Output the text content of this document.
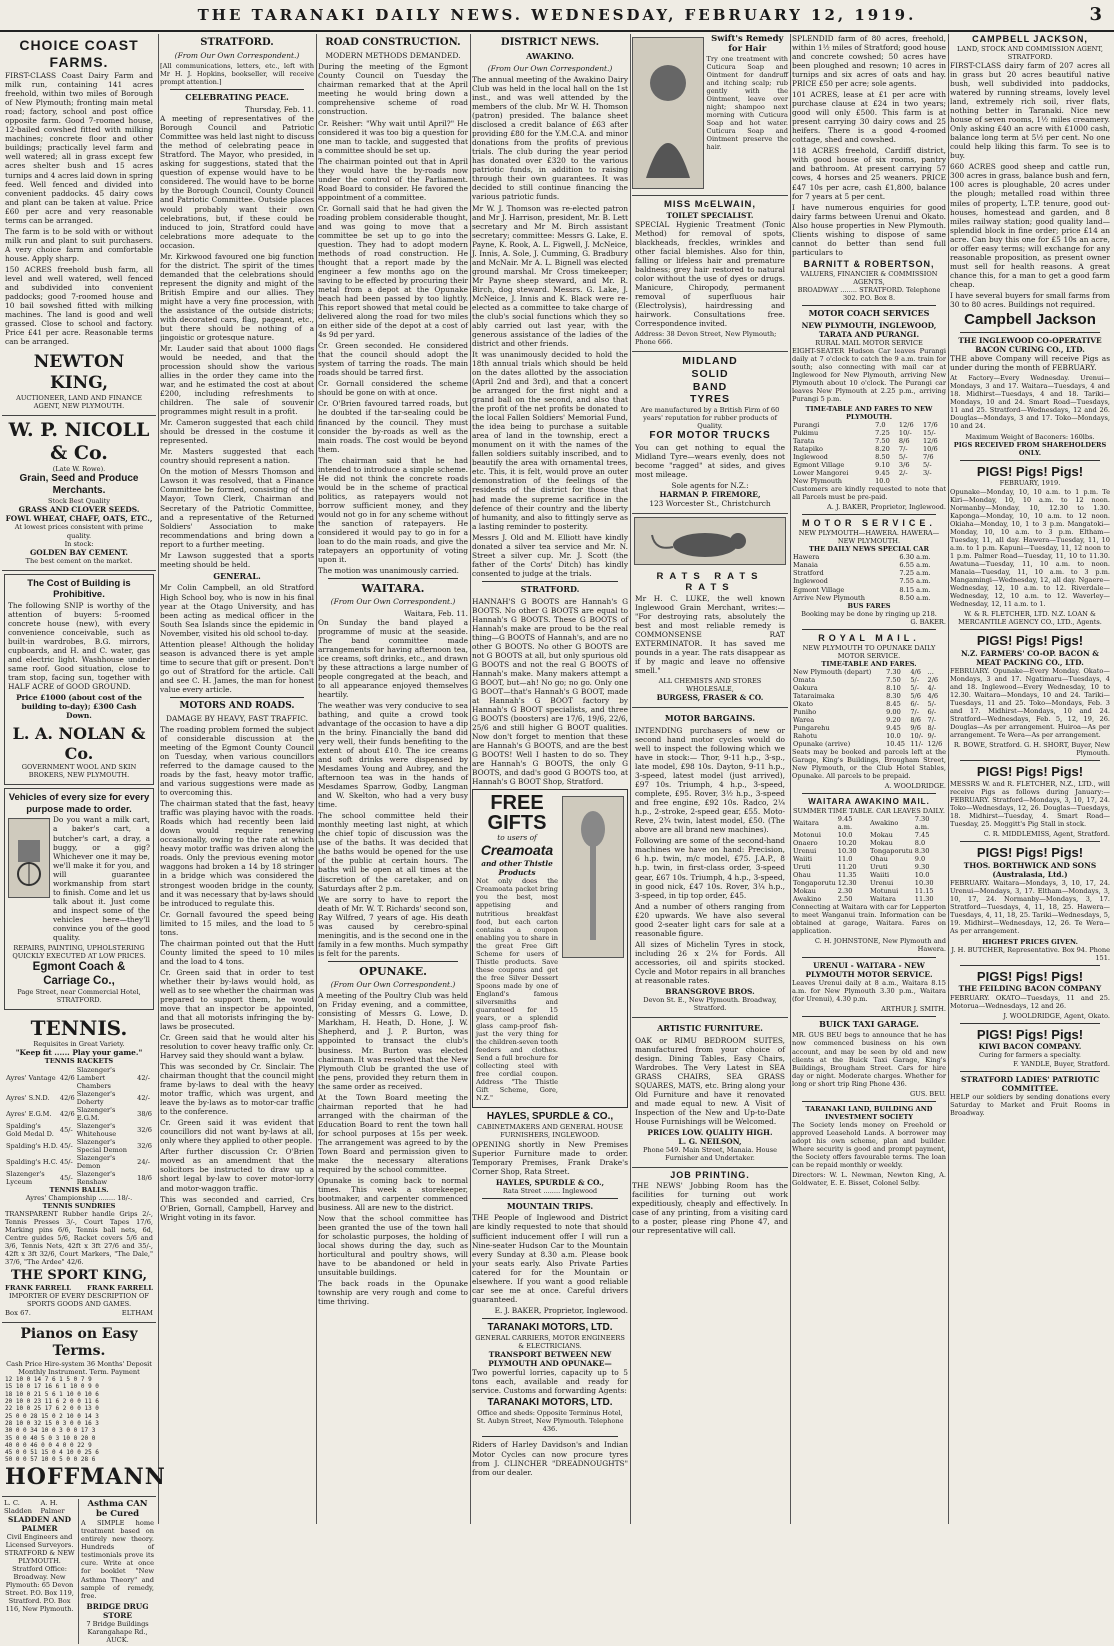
THE TARANAKI DAILY NEWS. WEDNESDAY, FEBRUARY 12, 1919.	3
CHOICE COAST FARMS.

FIRST-CLASS Coast Dairy Farm and milk run, containing 141 acres freehold, within two miles of Borough of New Plymouth; fronting main metal road; factory, school and post office opposite farm. Good 7-roomed house, 12-bailed cowshed fitted with milking machines; concrete floor and other buildings; practically level farm and well watered; all in grass except few acres shelter bush and 15 acres turnips and 4 acres laid down in spring feed. Well fenced and divided into convenient paddocks. 45 dairy cows and plant can be taken at value. Price £60 per acre and very reasonable terms can be arranged.

The farm is to be sold with or without milk run and plant to suit purchasers. A very choice farm and comfortable house. Apply sharp.

150 ACRES freehold bush farm, all level and well watered, well fenced and subdivided into convenient paddocks; good 7-roomed house and 10 bail sowshed fitted with milking machines. The land is good and well grassed. Close to school and factory. Price £41 per acre. Reasonable terms can be arranged.

NEWTON KING,
AUCTIONEER, LAND AND FINANCE AGENT, NEW PLYMOUTH.
W. P. NICOLL & Co.
(Late W. Rowe).
Grain, Seed and Produce Merchants.
Stock Best Quality
GRASS AND CLOVER SEEDS.
FOWL WHEAT, CHAFF, OATS, ETC.,
At lowest prices consistent with prime quality.
In stock:
GOLDEN BAY CEMENT.
The best cement on the market.
The Cost of Building is Prohibitive.

The following SNIP is worthy of the attention of buyers: 5-roomed concrete house (new), with every convenience conceivable, such as built-in wardrobes, B.G. mirrors, cupboards, and H. and C. water, gas and electric light. Washhouse under same roof. Good situation, close to tram stop, facing sun, together with HALF ACRE of GOOD GROUND.

Price £1000 (about cost of the building to-day); £300 Cash Down.
L. A. NOLAN & Co.
GOVERNMENT WOOL AND SKIN BROKERS, NEW PLYMOUTH.
Vehicles of every size for every purpose made to order.

Do you want a milk cart, a baker's cart, a butcher's cart, a dray, a buggy, or a gig? Whichever one it may be, we'll make it for you, and will guarantee workmanship from start to finish. Come and let us talk about it. Just come and inspect some of the vehicles here—they'll convince you of the good quality.

REPAIRS, PAINTING, UPHOLSTERING QUICKLY EXECUTED AT LOW PRICES.
Egmont Coach & Carriage Co.,
Page Street, near Commercial Hotel, STRATFORD.
TENNIS.
Requisites in Great Variety.
"Keep fit ...... Play your game."
TENNIS RACKETS
Ayres' Vantage	42/6	Slazenger's Lambert Chambers	42/-
Ayres' S.N.D.	42/6	Slazenger's Doherty	42/-
Ayres' E.G.M.	42/6	Slazenger's E.G.M.	38/6
Spalding's Gold Medal D.	45/-	Slazenger's Whitehouse	32/6
Spalding's H.D.	45/-	Slazenger's Special Demon	32/6
Spalding's H.C.	45/-	Slazenger's Demon	24/-
Slazenger's Lyceum	45/-	Slazenger's Renshaw	18/6
TENNIS BALLS.
Ayres' Championship ........ 18/-.
TENNIS SUNDRIES

TRANSPARENT Rubber handle Grips 2/-, Tennis Presses 3/-, Court Tapes 17/6, Marking pins 6/6, Tennis ball nets, 6d, Centre guides 5/6, Racket covers 5/6 and 3/6, Tennis Nets, 42ft x 3ft 27/6 and 35/-, 42ft x 3ft 32/6, Court Markers, "The Dale," 37/6, "The Ardee" 42/6.

THE SPORT KING,
FRANK FARRELL FRANK FARRELL
IMPORTER OF EVERY DESCRIPTION OF SPORTS GOODS AND GAMES.
Box 67.	ELTHAM
Pianos on Easy Terms.
Cash Price Hire-system 36 Months' Deposit Monthly Instrument. Term. Payment
12 10 0 14 7 6 1 5 0 7 9
15 10 0 17 16 6 1 10 0 9 0
18 10 0 21 5 6 1 10 0 10 6
20 10 0 23 11 6 2 0 0 11 6
22 10 0 25 17 6 2 0 0 13 0
25 0 0 28 15 0 2 10 0 14 3
28 10 0 32 15 0 3 0 0 16 3
30 0 0 34 10 0 3 0 0 17 3
35 0 0 40 5 0 3 10 0 20 0
40 0 0 46 0 0 4 0 0 22 9
45 0 0 51 15 0 4 10 0 25 6
50 0 0 57 10 0 5 0 0 28 6
HOFFMANN
L. C. Sladden
A. H. Palmer
SLADDEN AND PALMER
Civil Engineers and Licensed Surveyors.
STRATFORD & NEW PLYMOUTH. Stratford Office: Broadway. New Plymouth: 65 Devon Street. P.O. Box 119, Stratford. P.O. Box 116, New Plymouth.
Asthma CAN be Cured

A SIMPLE home treatment based on entirely new theory. Hundreds of testimonials prove its cure. Write at once for booklet "New Asthma Theory" and sample of remedy, free.

BRIDGE DRUG STORE
7 Bridge Buildings Karangahape Rd., AUCK.
STRATFORD.
(From Our Own Correspondent.)

[All communications, letters, etc., left with Mr H. J. Hopkins, bookseller, will receive prompt attention.]

CELEBRATING PEACE.
Thursday, Feb. 11.

A meeting of representatives of the Borough Council and Patriotic Committee was held last night to discuss the method of celebrating peace in Stratford. The Mayor, who presided, in asking for suggestions, stated that the question of expense would have to be considered. The would have to be borne by the Borough Council, County Council and Patriotic Committee. Outside places would probably want their own celebrations, but, if these could be induced to join, Stratford could have celebrations more adequate to the occasion.

Mr. Kirkwood favoured one big function for the district. The spirit of the times demanded that the celebrations should represent the dignity and might of the British Empire and our allies. They might have a very fine procession, with the assistance of the outside districts; with decorated cars, flag, pageant, etc., but there should be nothing of a jingoistic or grotesque nature.

Mr. Lauder said that about 1000 flags would be needed, and that the procession should show the various allies in the order they came into the war, and he estimated the cost at about £200, including refreshments to children. The sale of souvenir programmes might result in a profit.

Mr. Cameron suggested that each child should be dressed in the costume it represented.

Mr. Masters suggested that each country should represent a nation.

On the motion of Messrs Thomson and Lawson it was resolved, that a Finance Committee be formed, consisting of the Mayor, Town Clerk, Chairman and Secretary of the Patriotic Committee, and a representative of the Returned Soldiers' Association to make recommendations and bring down a report to a further meeting.

Mr Lawson suggested that a sports meeting should be held.

GENERAL.

Mr Colin Campbell, an old Stratford High School boy, who is now in his final year at the Otago University, and has been acting as medical officer in the South Sea Islands since the epidemic in November, visited his old school to-day.

Attention please! Although the holiday season is advanced there is yet ample time to secure that gift or present. Don't go out of Stratford for the article. Call and see C. H. James, the man for honest value every article.

MOTORS AND ROADS.
DAMAGE BY HEAVY, FAST TRAFFIC.

The roading problem formed the subject of considerable discussion at the meeting of the Egmont County Council on Tuesday, when various councillors referred to the damage caused to the roads by the fast, heavy motor traffic, and various suggestions were made as to overcoming this.

The chairman stated that the fast, heavy traffic was playing havoc with the roads. Roads which had recently been laid down would require renewing occasionally, owing to the rate at which heavy motor traffic was driven along the roads. Only the previous evening motor waggons had broken a 14 by 18 stringer in a bridge which was considered the strongest wooden bridge in the county, and it was necessary that by-laws should be introduced to regulate this.

Cr. Gornall favoured the speed being limited to 15 miles, and the load to 5 tons.

The chairman pointed out that the Hutt County limited the speed to 10 miles and the load to 4 tons.

Cr. Green said that in order to test whether their by-laws would hold, as well as to see whether the chairman was prepared to support them, he would move that an inspector be appointed, and that all motorists infringing the by-laws be prosecuted.

Cr. Green said that he would alter his resolution to cover heavy traffic only. Cr. Harvey said they should want a bylaw.

This was seconded by Cr. Sinclair. The chairman thought that the council might frame by-laws to deal with the heavy motor traffic, which was urgent, and leave the by-laws as to motor-car traffic to the conference.

Cr. Green said it was evident that councillors did not want by-laws at all, only where they applied to other people.

After further discussion Cr. O'Brien moved as an amendment that the solicitors be instructed to draw up a short legal by-law to cover motor-lorry and motor-waggon traffic.

This was seconded and carried, Crs O'Brien, Gornall, Campbell, Harvey and Wright voting in its favor.

ROAD CONSTRUCTION.
MODERN METHODS DEMANDED.

During the meeting of the Egmont County Council on Tuesday the chairman remarked that at the April meeting he would bring down a comprehensive scheme of road construction.

Cr. Reisher: "Why wait until April?" He considered it was too big a question for one man to tackle, and suggested that a committee should be set up.

The chairman pointed out that in April they would have the by-roads now under the control of the Parliament. Road Board to consider. He favored the appointment of a committee.

Cr. Gornall said that he had given the roading problem considerable thought, and was going to move that a committee be set up to go into the question. They had to adopt modern methods of road construction. He thought that a report made by the engineer a few months ago on the saving to be effected by procuring their metal from a depot at the Opunake beach had been passed by too lightly. This report showed that metal could be delivered along the road for two miles on either side of the depot at a cost of 4s 9d per yard.

Cr. Green seconded. He considered that the council should adopt the system of tarring the roads. The main roads should be tarred first.

Cr. Gornall considered the scheme should be gone on with at once.

Cr. O'Brien favoured tarred roads, but he doubted if the tar-sealing could be financed by the council. They must consider the by-roads as well as the main roads. The cost would be beyond them.

The chairman said that he had intended to introduce a simple scheme. He did not think the concrete roads would be in the scheme of practical politics, as ratepayers would not borrow sufficient money, and they would not go in for any scheme without the sanction of ratepayers. He considered it would pay to go in for a loan to do the main roads, and give the ratepayers an opportunity of voting upon it.

The motion was unanimously carried.

WAITARA.
(From Our Own Correspondent.)
Waitara, Feb. 11.

On Sunday the band played a programme of music at the seaside. The band committee made arrangements for having afternoon tea, ice creams, soft drinks, etc., and drawn by these attractions a large number of people congregated at the beach, and to all appearance enjoyed themselves heartily.

The weather was very conducive to sea bathing, and quite a crowd took advantage of the occasion to have a dip in the briny. Financially the band did very well, their funds benefiting to the extent of about £10. The ice creams and soft drinks were dispensed by Mesdames Young and Aubrey, and the afternoon tea was in the hands of Mesdames Sparrow, Godby, Langman and W. Skelton, who had a very busy time.

The school committee held their monthly meeting last night, at which the chief topic of discussion was the use of the baths. It was decided that the baths would be opened for the use of the public at certain hours. The baths will be open at all times at the discretion of the caretaker, and on Saturdays after 2 p.m.

We are sorry to have to report the death of Mr. W. T. Richards' second son, Ray Wilfred, 7 years of age. His death was caused by cerebro-spinal meningitis, and is the second one in the family in a few months. Much sympathy is felt for the parents.

OPUNAKE.
(From Our Own Correspondent.)

A meeting of the Poultry Club was held on Friday evening, and a committee, consisting of Messrs G. Lowe, D. Markham, H. Heath, D. Hone, J. W. Shepherd, and J. P. Burton, was appointed to transact the club's business. Mr. Burton was elected chairman. It was resolved that the New Plymouth Club be granted the use of the pens, provided they return them in the same order as received.

At the Town Board meeting the chairman reported that he had arranged with the chairman of the Education Board to rent the town hall for school purposes at 15s per week. The arrangement was agreed to by the Town Board and permission given to make the necessary alterations required by the school committee.

Opunake is coming back to normal times. This week a storekeeper, bootmaker, and carpenter commenced business. All are new to the district.

Now that the school committee has been granted the use of the town hall for scholastic purposes, the holding of local shows during the day, such as horticultural and poultry shows, will have to be abandoned or held in unsuitable buildings.

The back roads in the Opunake township are very rough and come to time thriving.

DISTRICT NEWS.
AWAKINO.
(From Our Own Correspondent.)

The annual meeting of the Awakino Dairy Club was held in the local hall on the 1st inst., and was well attended by the members of the club. Mr W. H. Thomson (patron) presided. The balance sheet disclosed a credit balance of £63 after providing £80 for the Y.M.C.A. and minor donations from the profits of previous trials. The club during the year period has donated over £320 to the various patriotic funds, in addition to raising through their own guarantees. It was decided to still continue financing the various patriotic funds.

Mr W. J. Thomson was re-elected patron and Mr J. Harrison, president, Mr. B. Lett secretary and Mr M. Birch assistant secretary; committee: Messrs G. Lake, E. Payne, K. Rook, A. L. Figwell, J. McNeice, J. Innis, A. Sole, J. Cumming, G. Bradbury and McNair. Mr A. L. Bignell was elected ground marshal. Mr Cross timekeeper; Mr Payne sheep steward, and Mr. R. Birch, dog steward. Messrs. G. Lake, J. McNeice, J. Innis and K. Black were re-elected as a committee to take charge of the club's social functions which they so ably carried out last year, with the generous assistance of the ladies of the district and other friends.

It was unanimously decided to hold the 18th annual trials which should be held on the dates allotted by the association (April 2nd and 3rd), and that a concert be arranged for the first night and a grand ball on the second, and also that the profit of the net profits be donated to the local Fallen Soldiers' Memorial Fund, the idea being to purchase a suitable area of land in the township, erect a monument on it with the names of the fallen soldiers suitably inscribed, and to beautify the area with ornamental trees, etc. This, it is felt, would prove an outer demonstration of the feelings of the residents of the district for those that had made the supreme sacrifice in the defence of their country and the liberty of humanity, and also to fittingly serve as a lasting reminder to posterity.

Messrs J. Old and M. Elliott have kindly donated a silver tea service and Mr. N. Street a silver cup. Mr. J. Scott (the father of the Corts' Ditch) has kindly consented to judge at the trials.

STRATFORD.

HANNAH'S G BOOTS are Hannah's G BOOTS. No other G BOOTS are equal to Hannah's G BOOTS. These G BOOTS of Hannah's make are proud to be the real thing—G BOOTS of Hannah's, and are no other G BOOTS. No other G BOOTS are not G BOOTS at all, but only spurious old G BOOTS and not the real G BOOTS of Hannah's make. Many makers attempt a G BOOT, but—ah! No go; no go. Only one G BOOT—that's Hannah's G BOOT, made at Hannah's G BOOT factory by Hannah's G BOOT specialists, and three G BOOTS (boosters) are 17/6, 19/6, 22/6, 25/6 and still higher G BOOT qualities. Now don't forget to mention that these are Hannah's G BOOTS, and are the best G BOOTS! Well I hasten to do so. They are Hannah's G BOOTS, the only G BOOTS, and dad's good G BOOTS too, at Hannah's G BOOT Shop, Stratford.

FREE GIFTS
to users of
Creamoata
and other Thistle Products

Not only does the Creamoata packet bring you the best, most appetising and nutritious breakfast food, but each carton contains a coupon enabling you to share in the great Free Gift Scheme for users of Thistle products. Save these coupons and get the free Silver Dessert Spoons made by one of England's famous silversmiths and guaranteed for 15 years, or a splendid glass camp-proof fish-just the very thing for the children-seven tooth feeders and clothes. Send a full brochure for collecting steel with free cordial coupon. Address "The Thistle Gift Scheme, Gore, N.Z."

HAYLES, SPURDLE & CO.,
CABINETMAKERS AND GENERAL HOUSE FURNISHERS, INGLEWOOD.

OPENING shortly in New Premises Superior Furniture made to order. Temporary Premises, Frank Drake's Corner Shop, Rata Street.

HAYLES, SPURDLE & CO.,
Rata Street ........ Inglewood
MOUNTAIN TRIPS.

THE People of Inglewood and District are kindly requested to note that should sufficient inducement offer I will run a Nine-seater Hudson Car to the Mountain every Sunday at 8.30 a.m. Please book your seats early. Also Private Parties catered for for the Mountain or elsewhere. If you want a good reliable car see me at once. Careful drivers guaranteed.

E. J. BAKER, Proprietor, Inglewood.
TARANAKI MOTORS, LTD.
GENERAL CARRIERS, MOTOR ENGINEERS & ELECTRICIANS.
TRANSPORT BETWEEN NEW PLYMOUTH AND OPUNAKE—

Two powerful lorries, capacity up to 5 tons each, available and ready for service. Customs and forwarding Agents:

TARANAKI MOTORS, LTD.
Office and sheds: Opposite Terminus Hotel, St. Aubyn Street, New Plymouth. Telephone 436.

Riders of Harley Davidson's and Indian Motor Cycles can now procure tyres from J. CLINCHER "DREADNOUGHTS" from our dealer.

Swift's Remedy for Hair

Try one treatment with Cuticura Soap and Ointment for dandruff and itching scalp; rub gently with the Ointment, leave over night; shampoo next morning with Cuticura Soap and hot water. Cuticura Soap and Ointment preserve the hair.

MISS McELWAIN,
TOILET SPECIALIST.

SPECIAL Hygienic Treatment (Tonic Method) for removal of spots, blackheads, freckles, wrinkles and other facial blemishes. Also for thin, falling or lifeless hair and premature baldness; grey hair restored to natural color without the use of dyes or drugs. Manicure, Chiropody, permanent removal of superfluous hair (Electrolysis), hairdressing and hairwork. Consultations free. Correspondence invited.

Address: 38 Devon Street, New Plymouth; Phone 666.
MIDLAND
SOLID
BAND
TYRES
Are manufactured by a British Firm of 60 years' reputation for rubber products of Quality.
FOR MOTOR TRUCKS

You can get nothing to equal the Midland Tyre—wears evenly, does not become "ragged" at sides, and gives most mileage.

Sole agents for N.Z.:
HARMAN P. FIREMORE,
123 Worcester St., Christchurch
RATS RATS RATS

Mr H. C. LUKE, the well known Inglewood Grain Merchant, writes:— "For destroying rats, absolutely the best and most reliable remedy is COMMONSENSE RAT EXTERMINATOR. It has saved me pounds in a year. The rats disappear as if by magic and leave no offensive smell."

ALL CHEMISTS AND STORES WHOLESALE,
BURGESS, FRASER & CO.
MOTOR BARGAINS.

INTENDING purchasers of new or second hand motor cycles would do well to inspect the following which we have in stock:— Thor, 9-11 h.p., 3-sp., late model, £98 10s. Dayton, 9-11 h.p., 3-speed, latest model (just arrived), £97 10s. Triumph, 4 h.p., 3-speed, complete, £95. Rover, 3½ h.p., 3-speed and free engine, £92 10s. Radco, 2¼ h.p., 2-stroke, 2-speed gear, £55. Moto-Reve, 2¾ twin, latest model, £50. (The above are all brand new machines).

Following are some of the second-hand machines we have on hand: Precision, 6 h.p. twin, m/c model, £75. J.A.P., 8 h.p. twin, in first-class order, 3-speed gear, £67 10s. Triumph, 4 h.p., 3-speed, in good nick, £47 10s. Rover, 3¼ h.p., 3-speed, in tip top order, £45.

And a number of others ranging from £20 upwards. We have also several good 2-seater light cars for sale at a reasonable figure.

All sizes of Michelin Tyres in stock, including 26 x 2¼ for Fords. All accessories, oil and spirits stocked. Cycle and Motor repairs in all branches at reasonable rates.

BRANSGROVE BROS.
Devon St. E., New Plymouth. Broadway, Stratford.
ARTISTIC FURNITURE.

OAK or RIMU BEDROOM SUITES, manufactured from your choice of design. Dining Tables, Easy Chairs, Wardrobes. The Very Latest in SEA GRASS CHAIRS, SEA GRASS SQUARES, MATS, etc. Bring along your Old Furniture and have it renovated and made equal to new. A Visit of Inspection of the New and Up-to-Date House Furnishings will be Welcomed.

PRICES LOW. QUALITY HIGH.
L. G. NEILSON,
Phone 549. Main Street, Manaia. House Furnisher and Undertaker.
JOB PRINTING.

THE NEWS' Jobbing Room has the facilities for turning out work expeditiously, cheaply and effectively. In case of any printing, from a visiting card to a poster, please ring Phone 47, and our representative will call.

SPLENDID farm of 80 acres, freehold, within 1½ miles of Stratford; good house and concrete cowshed; 50 acres have been ploughed and resown; 10 acres in turnips and six acres of oats and hay. PRICE £50 per acre; sole agents.

101 ACRES, lease at £1 per acre with purchase clause at £24 in two years; good will only £500. This farm is at present carrying 30 dairy cows and 25 heifers. There is a good 4-roomed cottage, shed and cowshed.

118 ACRES freehold, Cardiff district, with good house of six rooms, pantry and bathroom. At present carrying 57 cows, 4 horses and 25 weaners. PRICE £47 10s per acre, cash £1,800, balance for 7 years at 5 per cent.

I have numerous enquiries for good dairy farms between Urenui and Okato. Also house properties in New Plymouth. Clients wishing to dispose of same cannot do better than send full particulars to

BARNITT & ROBERTSON,
VALUERS, FINANCIER & COMMISSION AGENTS,
BROADWAY ........ STRATFORD. Telephone 302. P.O. Box 8.
MOTOR COACH SERVICES
NEW PLYMOUTH, INGLEWOOD, TARATA AND PURANGI.
RURAL MAIL MOTOR SERVICE

EIGHT-SEATER Hudson Car leaves Purangi daily at 7 o'clock to catch the 9 a.m. train for south; also connecting with mail car at Inglewood for New Plymouth, arriving New Plymouth about 10 o'clock. The Purangi car leaves New Plymouth at 2.25 p.m., arriving Purangi 5 p.m.

TIME-TABLE AND FARES TO NEW PLYMOUTH.
Purangi	7.0	12/6	17/6
Pukimu	7.25	10/-	15/-
Tarata	7.50	8/6	12/6
Ratapiko	8.20	7/-	10/6
Inglewood	8.50	5/-	7/6
Egmont Village	9.10	3/6	5/-
Lower Mangorei	9.45	2/-	3/-
New Plymouth	10.0		

Customers are kindly requested to note that all Parcels must be pre-paid.

A. J. BAKER, Proprietor, Inglewood.
MOTOR SERVICE.
NEW PLYMOUTH—HAWERA. HAWERA—NEW PLYMOUTH.
THE DAILY NEWS SPECIAL CAR
Hawera	6.30 a.m.
Manaia	6.55 a.m.
Stratford	7.25 a.m.
Inglewood	7.55 a.m.
Egmont Village	8.15 a.m.
Arrive New Plymouth	8.50 a.m.
BUS FARES
Booking may be done by ringing up 218.
G. BAKER.
ROYAL MAIL.
NEW PLYMOUTH TO OPUNAKE DAILY MOTOR SERVICE.
TIME-TABLE AND FARES.
New Plymouth (depart)	7.30	4/6	...
Omata	7.50	5/-	2/6
Oakura	8.10	5/-	4/-
Tataraimaka	8.30	5/6	4/6
Okato	8.45	6/-	5/-
Puniho	9.00	7/-	6/-
Warea	9.20	8/6	7/-
Pungarehu	9.45	9/6	8/-
Rahotu	10.0	10/-	9/-
Opunake (arrive)	10.45	11/-	12/6

Seats may be booked and parcels left at the Garage, King's Buildings, Brougham Street, New Plymouth, or the Club Hotel Stables, Opunake. All parcels to be prepaid.

A. WOOLDRIDGE.
WAITARA AWAKINO MAIL.
SUMMER TIME TABLE. CAR LEAVES DAILY.
Waitara	9.45 a.m.	Awakino	7.30 a.m.
Motonui	10.0	Mokau	7.45
Onaero	10.20	Mokau	8.0
Urenui	10.30	Tongaporutu	8.30
Waiiti	11.0	Ohau	9.0
Uruti	11.20	Uruti	9.30
Ohau	11.35	Waiiti	10.0
Tongaporutu	12.30	Urenui	10.30
Mokau	2.30	Motunui	11.15
Awakino	2.50	Waitara	11.30

Connecting at Waitara with car for Lepperton to meet Wanganui train. Information can be obtained at garage, Waitara. Fares on application.

C. H. JOHNSTONE, New Plymouth and Hawera.
URENUI - WAITARA - NEW PLYMOUTH MOTOR SERVICE.

Leaves Urenui daily at 8 a.m., Waitara 8.15 a.m. for New Plymouth 3.30 p.m., Waitara (for Urenui), 4.30 p.m.

ARTHUR J. SMITH.
BUICK TAXI GARAGE.

MR. GUS BEU begs to announce that he has now commenced business on his own account, and may be seen by old and new clients at the Buick Taxi Garage, King's Buildings, Brougham Street. Cars for hire day or night. Moderate charges. Whether for long or short trip Ring Phone 436.

GUS. BEU.
TARANAKI LAND, BUILDING AND INVESTMENT SOCIETY

The Society lends money on Freehold or approved Leasehold Lands. A borrower may adopt his own scheme, plan and builder. Where security is good and prompt payment, the Society offers favourable terms. The loan can be repaid monthly or weekly.

Directors: W. L. Newman, Newton King, A. Goldwater, E. E. Bisset, Colonel Selby.

CAMPBELL JACKSON,
LAND, STOCK AND COMMISSION AGENT, STRATFORD.

FIRST-CLASS dairy farm of 207 acres all in grass but 20 acres beautiful native bush, well subdivided into paddocks, watered by running streams, lovely level land, extremely rich soil, river flats, nothing better in Taranaki. Nice new house of seven rooms, 1½ miles creamery. Only asking £40 an acre with £1000 cash, balance long term at 5½ per cent. No one could help liking this farm. To see is to buy.

660 ACRES good sheep and cattle run, 300 acres in grass, balance bush and fern, 100 acres is ploughable, 20 acres under the plough; metalled road within three miles of property, L.T.P. tenure, good out-houses, homestead and garden, and 8 miles railway station; good quality land—splendid block in fine order; price £14 an acre. Can buy this one for £5 10s an acre, or offer easy terms; will exchange for any reasonable proposition, as present owner must sell for health reasons. A great chance this, for a man to get a good farm cheap.

I have several buyers for small farms from 30 to 80 acres. Buildings not required.

Campbell Jackson
THE INGLEWOOD CO-OPERATIVE BACON CURING CO., LTD.

THE above Company will receive Pigs as under during the month of FEBRUARY.

At Factory—Every Wednesday. Urenui—Mondays, 3 and 17. Waitara—Tuesdays, 4 and 18. Midhirst—Tuesdays, 4 and 18. Tariki—Mondays, 10 and 24. Smart Road—Tuesdays, 11 and 25. Stratford—Wednesdays, 12 and 26. Douglas—Mondays, 3 and 17. Toko—Mondays, 10 and 24.

Maximum Weight of Baconers: 160lbs.
PIGS RECEIVED FROM SHAREHOLDERS ONLY.
PIGS! Pigs! Pigs!
FEBRUARY, 1919.

Opunake—Monday, 10, 10 a.m. to 1 p.m. Te Kiri—Monday, 10, 10 a.m. to 12 noon. Normanby—Monday, 10, 12.30 to 1.30. Kaponga—Monday, 10, 10 a.m. to 12 noon. Okiaha—Monday, 10, 1 to 3 p.m. Mangatoki—Monday, 10, 10 a.m. to 3 p.m. Eltham—Tuesday, 11, all day. Hawera—Tuesday, 11, 10 a.m. to 1 p.m. Kapuni—Tuesday, 11, 12 noon to 1 p.m. Palmer Road—Tuesday, 11, 10 to 11.30. Awatuna—Tuesday, 11, 10 a.m. to noon. Manaia—Tuesday, 11, 10 a.m. to 3 p.m. Mangamingi—Wednesday, 12, all day. Ngaere—Wednesday, 12, 10 a.m. to 12. Riverdale—Wednesday, 12, 10 a.m. to 12. Waverley—Wednesday, 12, 11 a.m. to 1.

W. & R. FLETCHER, LTD. N.Z. LOAN & MERCANTILE AGENCY CO., LTD., Agents.
PIGS! Pigs! Pigs!
N.Z. FARMERS' CO-OP. BACON & MEAT PACKING CO., LTD.

FEBRUARY. Opunake—Every Monday. Okato—Mondays, 3 and 17. Ngatimaru—Tuesdays, 4 and 18. Inglewood—Every Wednesday, 10 to 12.30. Waitara—Mondays, 10 and 24. Tariki—Tuesdays, 11 and 25. Toko—Mondays, Feb. 3 and 17. Midhirst—Mondays, 10 and 24. Stratford—Wednesdays, Feb. 5, 12, 19, 26. Douglas—As per arrangement. Huiroa—As per arrangement. Te Wera—As per arrangement.

R. BOWE, Stratford. G. H. SHORT, Buyer, New Plymouth.
PIGS! Pigs! Pigs!

MESSRS W. and R. FLETCHER, N.Z., LTD., will receive Pigs as follows during January:— FEBRUARY. Stratford—Mondays, 3, 10, 17, 24. Toko—Wednesdays, 12, 26. Douglas—Tuesdays, 18. Midhirst—Tuesday, 4. Smart Road—Tuesday, 25. Moggitt's Pig Stall in stock.

C. R. MIDDLEMISS, Agent, Stratford.
PIGS! Pigs! Pigs!
THOS. BORTHWICK AND SONS (Australasia, Ltd.)

FEBRUARY. Waitara—Mondays, 3, 10, 17, 24. Urenui—Mondays, 3, 17. Eltham—Mondays, 3, 10, 17, 24. Normanby—Mondays, 3, 17. Stratford—Tuesdays, 4, 11, 18, 25. Hawera—Tuesdays, 4, 11, 18, 25. Tariki—Wednesdays, 5, 19. Midhirst—Wednesdays, 12, 26. Te Wera—As per arrangement.

HIGHEST PRICES GIVEN.
J. H. BUTCHER, Representative. Box 94. Phone 151.
PIGS! Pigs! Pigs!
THE FEILDING BACON COMPANY

FEBRUARY. OKATO—Tuesdays, 11 and 25. Motorua—Wednesdays, 12 and 26.

J. WOOLDRIDGE, Agent, Okato.
PIGS! Pigs! Pigs!
KIWI BACON COMPANY.
Curing for farmers a specialty.
F. YANDLE, Buyer, Stratford.
STRATFORD LADIES' PATRIOTIC COMMITTEE.

HELP our soldiers by sending donations every Saturday to Market and Fruit Rooms in Broadway.
